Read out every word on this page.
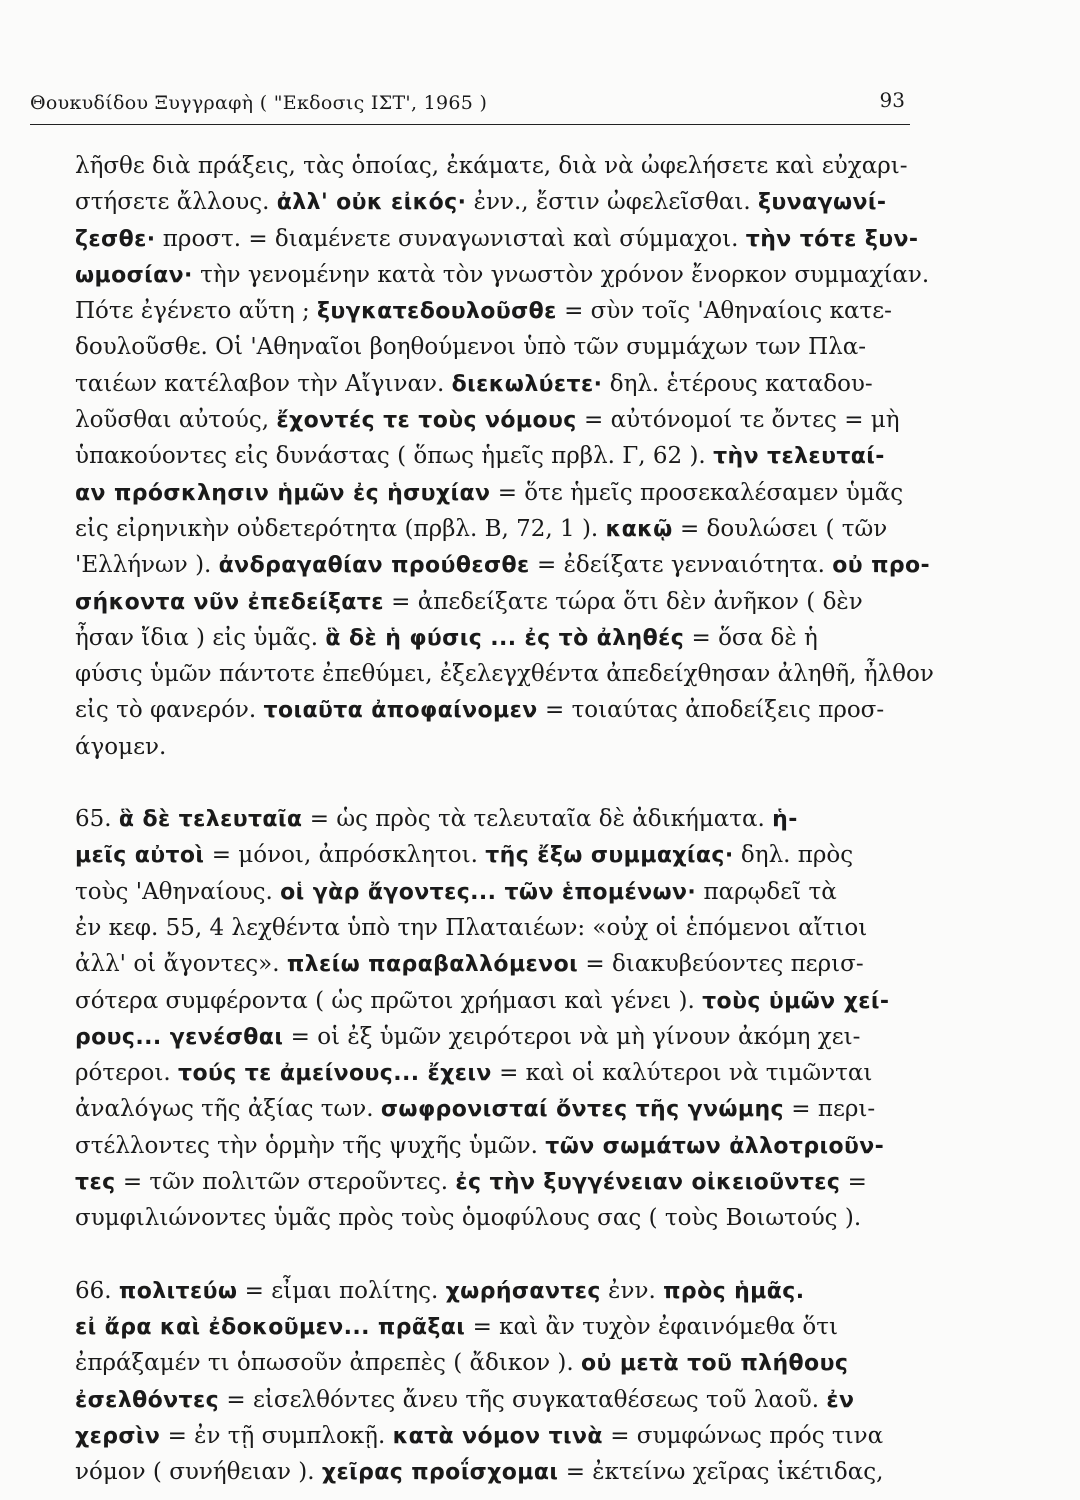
Θουκυδίδου Ξυγγραφὴ ( "Εκδοσις ΙΣΤ', 1965 )	93
λῆσθε διὰ πράξεις, τὰς ὁποίας, ἐκάματε, διὰ νὰ ὠφελήσετε καὶ εὐχαρι-
στήσετε ἄλλους. ἀλλ' οὐκ εἰκός· ἐνν., ἔστιν ὠφελεῖσθαι. ξυναγωνί-
ζεσθε· προστ. = διαμένετε συναγωνισταὶ καὶ σύμμαχοι. τὴν τότε ξυν-
ωμοσίαν· τὴν γενομένην κατὰ τὸν γνωστὸν χρόνον ἔνορκον συμμαχίαν.
Πότε ἐγένετο αὕτη ; ξυγκατεδουλοῦσθε = σὺν τοῖς 'Αθηναίοις κατε-
δουλοῦσθε. Οἱ 'Αθηναῖοι βοηθούμενοι ὑπὸ τῶν συμμάχων των Πλα-
ταιέων κατέλαβον τὴν Αἴγιναν. διεκωλύετε· δηλ. ἑτέρους καταδου-
λοῦσθαι αὐτούς, ἔχοντές τε τοὺς νόμους = αὐτόνομοί τε ὄντες = μὴ
ὑπακούοντες εἰς δυνάστας ( ὅπως ἡμεῖς πρβλ. Γ, 62 ). τὴν τελευταί-
αν πρόσκλησιν ἡμῶν ἐς ἡσυχίαν = ὅτε ἡμεῖς προσεκαλέσαμεν ὑμᾶς
εἰς εἰρηνικὴν οὐδετερότητα (πρβλ. Β, 72, 1 ). κακῷ = δουλώσει ( τῶν
'Ελλήνων ). ἀνδραγαθίαν προύθεσθε = ἐδείξατε γενναιότητα. οὐ προ-
σήκοντα νῦν ἐπεδείξατε = ἀπεδείξατε τώρα ὅτι δὲν ἀνῆκον ( δὲν
ἦσαν ἴδια ) εἰς ὑμᾶς. ἃ δὲ ἡ φύσις ... ἐς τὸ ἀληθές = ὅσα δὲ ἡ
φύσις ὑμῶν πάντοτε ἐπεθύμει, ἐξελεγχθέντα ἀπεδείχθησαν ἀληθῆ, ἦλθον
εἰς τὸ φανερόν. τοιαῦτα ἀποφαίνομεν = τοιαύτας ἀποδείξεις προσ-
άγομεν.
65. ἃ δὲ τελευταῖα = ὡς πρὸς τὰ τελευταῖα δὲ ἀδικήματα. ἡ-
μεῖς αὐτοὶ = μόνοι, ἀπρόσκλητοι. τῆς ἔξω συμμαχίας· δηλ. πρὸς
τοὺς 'Αθηναίους. οἱ γὰρ ἄγοντες... τῶν ἑπομένων· παρῳδεῖ τὰ
ἐν κεφ. 55, 4 λεχθέντα ὑπὸ την Πλαταιέων: «οὐχ οἱ ἑπόμενοι αἴτιοι
ἀλλ' οἱ ἄγοντες». πλείω παραβαλλόμενοι = διακυβεύοντες περισ-
σότερα συμφέροντα ( ὡς πρῶτοι χρήμασι καὶ γένει ). τοὺς ὑμῶν χεί-
ρους... γενέσθαι = οἱ ἐξ ὑμῶν χειρότεροι νὰ μὴ γίνουν ἀκόμη χει-
ρότεροι. τούς τε ἀμείνους... ἔχειν = καὶ οἱ καλύτεροι νὰ τιμῶνται
ἀναλόγως τῆς ἀξίας των. σωφρονισταί ὄντες τῆς γνώμης = περι-
στέλλοντες τὴν ὁρμὴν τῆς ψυχῆς ὑμῶν. τῶν σωμάτων ἀλλοτριοῦν-
τες = τῶν πολιτῶν στεροῦντες. ἐς τὴν ξυγγένειαν οἰκειοῦντες =
συμφιλιώνοντες ὑμᾶς πρὸς τοὺς ὁμοφύλους σας ( τοὺς Βοιωτούς ).
66. πολιτεύω = εἶμαι πολίτης. χωρήσαντες ἐνν. πρὸς ἡμᾶς.
εἰ ἄρα καὶ ἐδοκοῦμεν... πρᾶξαι = καὶ ἂν τυχὸν ἐφαινόμεθα ὅτι
ἐπράξαμέν τι ὁπωσοῦν ἀπρεπὲς ( ἄδικον ). οὐ μετὰ τοῦ πλήθους
ἐσελθόντες = εἰσελθόντες ἄνευ τῆς συγκαταθέσεως τοῦ λαοῦ. ἐν
χερσὶν = ἐν τῇ συμπλοκῇ. κατὰ νόμον τινὰ = συμφώνως πρός τινα
νόμον ( συνήθειαν ). χεῖρας προΐσχομαι = ἐκτείνω χεῖρας ἱκέτιδας,
